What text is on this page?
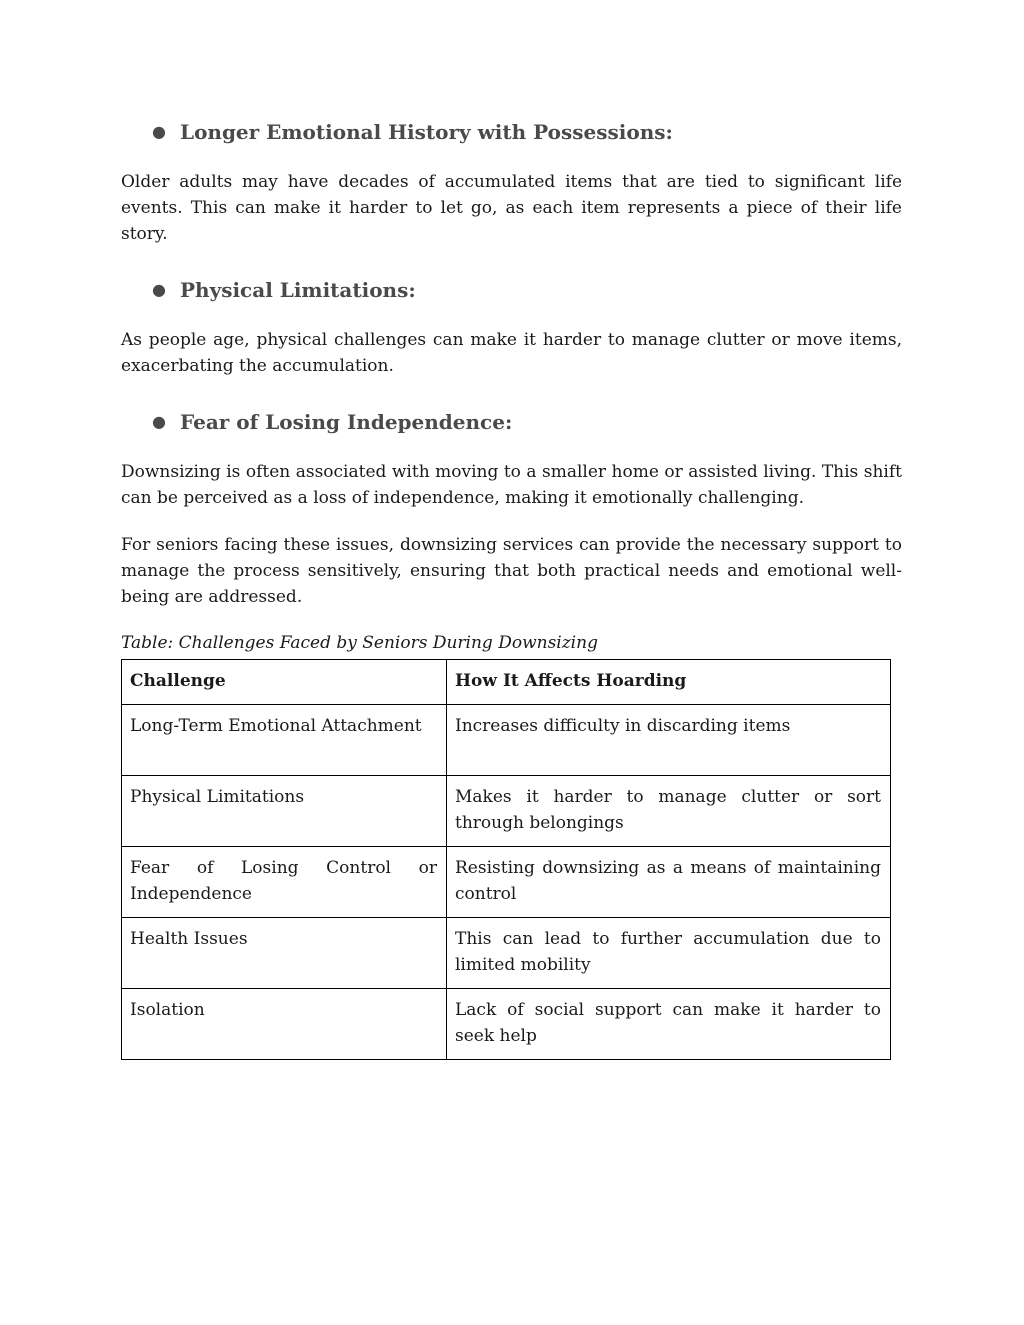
● Longer Emotional History with Possessions:

Older adults may have decades of accumulated items that are tied to significant life events. This can make it harder to let go, as each item represents a piece of their life story.

● Physical Limitations:

As people age, physical challenges can make it harder to manage clutter or move items, exacerbating the accumulation.

● Fear of Losing Independence:

Downsizing is often associated with moving to a smaller home or assisted living. This shift can be perceived as a loss of independence, making it emotionally challenging.

For seniors facing these issues, downsizing services can provide the necessary support to manage the process sensitively, ensuring that both practical needs and emotional well-being are addressed.

Table: Challenges Faced by Seniors During Downsizing

Challenge	How It Affects Hoarding
Long-Term Emotional Attachment	Increases difficulty in discarding items
Physical Limitations	Makes it harder to manage clutter or sort through belongings
Fear of Losing Control or Independence	Resisting downsizing as a means of maintaining control
Health Issues	This can lead to further accumulation due to limited mobility
Isolation	Lack of social support can make it harder to seek help
